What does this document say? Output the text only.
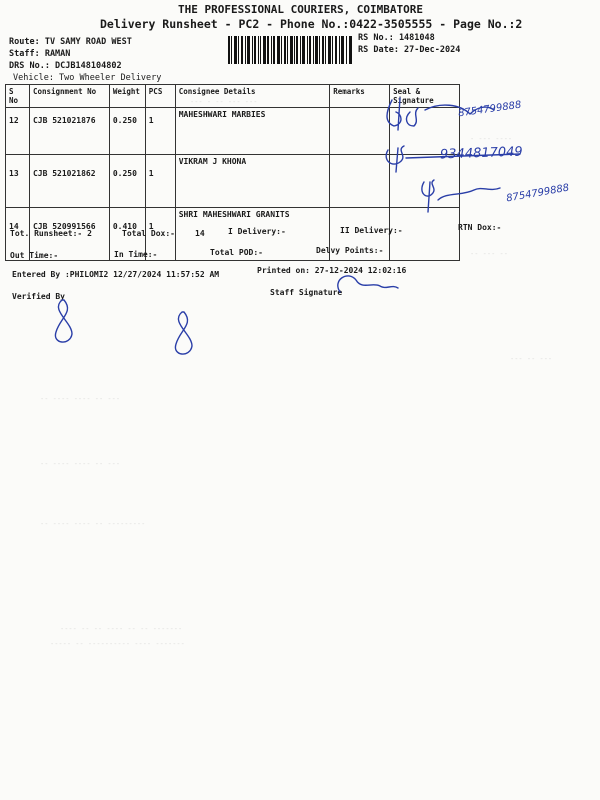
THE PROFESSIONAL COURIERS, COIMBATORE
Delivery Runsheet - PC2 - Phone No.:0422-3505555 - Page No.:2
Route: TV SAMY ROAD WEST
Staff: RAMAN
DRS No.: DCJB148104802
Vehicle: Two Wheeler Delivery
RS No.: 1481048
RS Date: 27-Dec-2024
S No	Consignment No	Weight	PCS	Consignee Details	Remarks	Seal & Signature
12	CJB 521021876	0.250	1	MAHESHWARI MARBIES		
13	CJB 521021862	0.250	1	VIKRAM J KHONA		
14	CJB 520991566	0.410	1	SHRI MAHESHWARI GRANITS		
Tot. Runsheet:- 2	Total Dox:-	14	I Delivery:-	II Delivery:-	RTN Dox:-
Out Time:-	In Time:-	Total POD:-	Delvy Points:-
Entered By :PHILOMI2 12/27/2024 11:57:52 AM	Printed on: 27-12-2024 12:02:16
Verified By	Staff Signature
--- - -- --- ---
- --- ----
-- --- --
--- -- ---
-- ---- ---- -- ---
-- ---- ---- -- ---
-- ---- ---- -- ---------
---- -- -- ---- -- -- -------
----- -- ---------- ---- -------
8754799888
9344817049
8754799888
